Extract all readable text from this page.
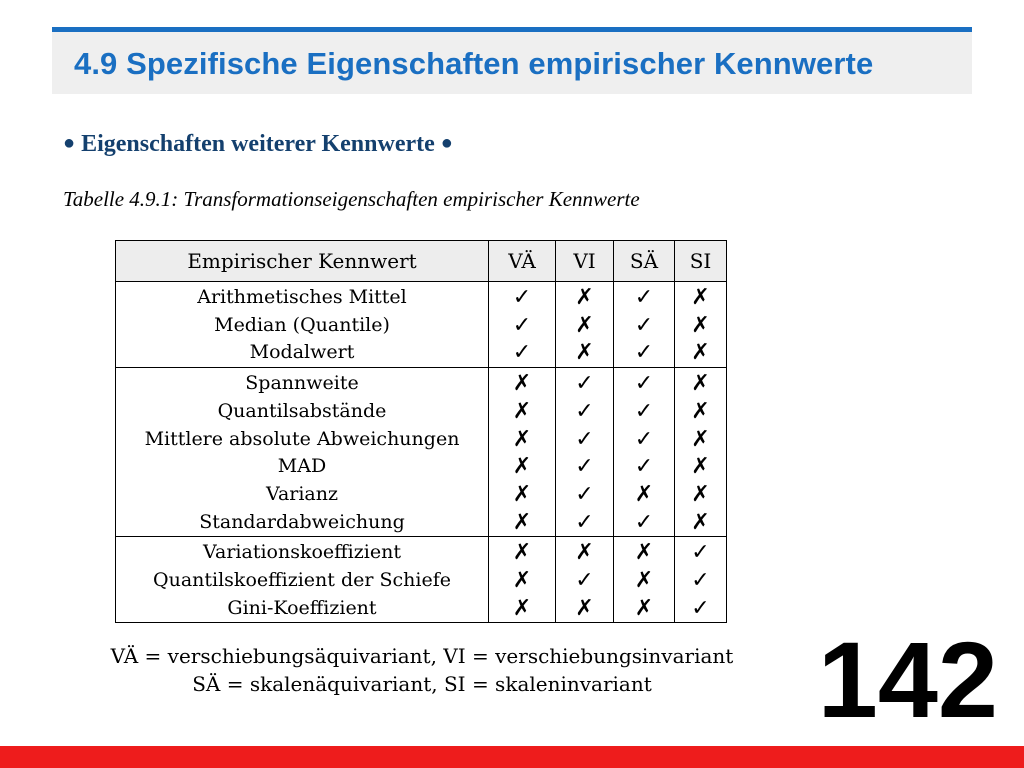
4.9 Spezifische Eigenschaften empirischer Kennwerte
● Eigenschaften weiterer Kennwerte ●
Tabelle 4.9.1: Transformationseigenschaften empirischer Kennwerte
Empirischer Kennwert	VÄ	VI	SÄ	SI
Arithmetisches Mittel	✓	✗	✓	✗
Median (Quantile)	✓	✗	✓	✗
Modalwert	✓	✗	✓	✗
Spannweite	✗	✓	✓	✗
Quantilsabstände	✗	✓	✓	✗
Mittlere absolute Abweichungen	✗	✓	✓	✗
MAD	✗	✓	✓	✗
Varianz	✗	✓	✗	✗
Standardabweichung	✗	✓	✓	✗
Variationskoeffizient	✗	✗	✗	✓
Quantilskoeffizient der Schiefe	✗	✓	✗	✓
Gini-Koeffizient	✗	✗	✗	✓
VÄ = verschiebungsäquivariant, VI = verschiebungsinvariant
SÄ = skalenäquivariant, SI = skaleninvariant	142
